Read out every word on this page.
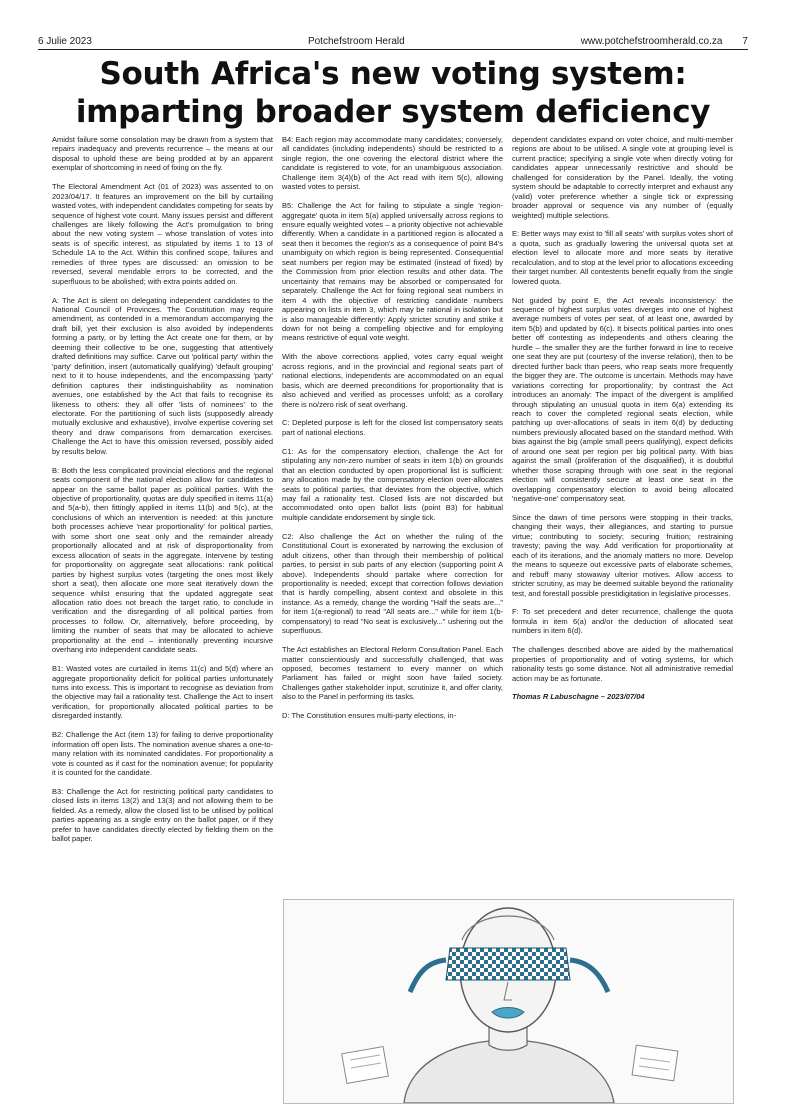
6 Julie 2023	Potchefstroom Herald	www.potchefstroomherald.co.za 7
South Africa's new voting system: imparting broader system deficiency

Amidst failure some consolation may be drawn from a system that repairs inadequacy and prevents recurrence – the means at our disposal to uphold these are being prodded at by an apparent exemplar of shortcoming in need of fixing on the fly.

The Electoral Amendment Act (01 of 2023) was assented to on 2023/04/17. It features an improvement on the bill by curtailing wasted votes, with independent candidates competing for seats by sequence of highest vote count. Many issues persist and different challenges are likely following the Act's promulgation to bring about the new voting system – whose translation of votes into seats is of specific interest, as stipulated by items 1 to 13 of Schedule 1A to the Act. Within this confined scope, failures and remedies of three types are discussed: an omission to be reversed, several mendable errors to be corrected, and the superfluous to be abolished; with extra points added on.

A: The Act is silent on delegating independent candidates to the National Council of Provinces. The Constitution may require amendment, as contended in a memorandum accompanying the draft bill, yet their exclusion is also avoided by independents forming a party, or by letting the Act create one for them, or by deeming their collective to be one, suggesting that attentively drafted definitions may suffice. Carve out 'political party' within the 'party' definition, insert (automatically qualifying) 'default grouping' next to it to house independents, and the encompassing 'party' definition captures their indistinguishability as nomination avenues, one established by the Act that fails to recognise its likeness to others: they all offer 'lists of nominees' to the electorate. For the partitioning of such lists (supposedly already mutually exclusive and exhaustive), involve expertise covering set theory and draw comparisons from demarcation exercises. Challenge the Act to have this omission reversed, possibly aided by results below.

B: Both the less complicated provincial elections and the regional seats component of the national election allow for candidates to appear on the same ballot paper as political parties. With the objective of proportionality, quotas are duly specified in items 11(a) and 5(a-b), then fittingly applied in items 11(b) and 5(c), at the conclusions of which an intervention is needed: at this juncture both processes achieve 'near proportionality' for political parties, with some short one seat only and the remainder already proportionally allocated and at risk of disproportionality from excess allocation of seats in the aggregate. Intervene by testing for proportionality on aggregate seat allocations: rank political parties by highest surplus votes (targeting the ones most likely short a seat), then allocate one more seat iteratively down the sequence whilst ensuring that the updated aggregate seat allocation ratio does not breach the target ratio, to conclude in verification and the disregarding of all political parties from processes to follow. Or, alternatively, before proceeding, by limiting the number of seats that may be allocated to achieve proportionality at the end – intentionally preventing incursive overhang into independent candidate seats.

B1: Wasted votes are curtailed in items 11(c) and 5(d) where an aggregate proportionality deficit for political parties unfortunately turns into excess. This is important to recognise as deviation from the objective may fail a rationality test. Challenge the Act to insert verification, for proportionally allocated political parties to be disregarded instantly.

B2: Challenge the Act (item 13) for failing to derive proportionality information off open lists. The nomination avenue shares a one-to-many relation with its nominated candidates. For proportionality a vote is counted as if cast for the nomination avenue; for popularity it is counted for the candidate.

B3: Challenge the Act for restricting political party candidates to closed lists in items 13(2) and 13(3) and not allowing them to be fielded. As a remedy, allow the closed list to be utilised by political parties appearing as a single entry on the ballot paper, or if they prefer to have candidates directly elected by fielding them on the ballot paper.

B4: Each region may accommodate many candidates; conversely, all candidates (including independents) should be restricted to a single region, the one covering the electoral district where the candidate is registered to vote, for an unambiguous association. Challenge item 3(4)(b) of the Act read with item 5(c), allowing wasted votes to persist.

B5: Challenge the Act for failing to stipulate a single 'region-aggregate' quota in item 5(a) applied universally across regions to ensure equally weighted votes – a priority objective not achievable differently. When a candidate in a partitioned region is allocated a seat then it becomes the region's as a consequence of point B4's unambiguity on which region is being represented. Consequential seat numbers per region may be estimated (instead of fixed) by the Commission from prior election results and other data. The uncertainty that remains may be absorbed or compensated for separately. Challenge the Act for fixing regional seat numbers in item 4 with the objective of restricting candidate numbers appearing on lists in item 3, which may be rational in isolation but is also manageable differently: Apply stricter scrutiny and strike it down for not being a compelling objective and for employing means restrictive of equal vote weight.

With the above corrections applied, votes carry equal weight across regions, and in the provincial and regional seats part of national elections, independents are accommodated on an equal basis, which are deemed preconditions for proportionality that is also achieved and verified as processes unfold; as a corollary there is no/zero risk of seat overhang.

C: Depleted purpose is left for the closed list compensatory seats part of national elections.

C1: As for the compensatory election, challenge the Act for stipulating any non-zero number of seats in item 1(b) on grounds that an election conducted by open proportional list is sufficient: any allocation made by the compensatory election over-allocates seats to political parties, that deviates from the objective, which may fail a rationality test. Closed lists are not discarded but accommodated onto open ballot lists (point B3) for habitual multiple candidate endorsement by single tick.

C2: Also challenge the Act on whether the ruling of the Constitutional Court is exonerated by narrowing the exclusion of adult citizens, other than through their membership of political parties, to persist in sub parts of any election (supporting point A above). Independents should partake where correction for proportionality is needed; except that correction follows deviation that is hardly compelling, absent context and obsolete in this instance. As a remedy, change the wording "Half the seats are..." for item 1(a-regional) to read "All seats are..." while for item 1(b-compensatory) to read "No seat is exclusively..." ushering out the superfluous.

The Act establishes an Electoral Reform Consultation Panel. Each matter conscientiously and successfully challenged, that was opposed, becomes testament to every manner on which Parliament has failed or might soon have failed society. Challenges gather stakeholder input, scrutinize it, and offer clarity, also to the Panel in performing its tasks.

D: The Constitution ensures multi-party elections, in-

dependent candidates expand on voter choice, and multi-member regions are about to be utilised. A single vote at grouping level is current practice; specifying a single vote when directly voting for candidates appear unnecessarily restrictive and should be challenged for consideration by the Panel. Ideally, the voting system should be adaptable to correctly interpret and exhaust any (valid) voter preference whether a single tick or expressing broader approval or sequence via any number of (equally weighted) multiple selections.

E: Better ways may exist to 'fill all seats' with surplus votes short of a quota, such as gradually lowering the universal quota set at election level to allocate more and more seats by iterative recalculation, and to stop at the level prior to allocations exceeding their target number. All contestents benefit equally from the single lowered quota.

Not guided by point E, the Act reveals inconsistency: the sequence of highest surplus votes diverges into one of highest average numbers of votes per seat, of at least one, awarded by item 5(b) and updated by 6(c). It bisects political parties into ones better off contesting as independents and others clearing the hurdle – the smaller they are the further forward in line to receive one seat they are put (courtesy of the inverse relation), then to be directed further back than peers, who reap seats more frequently the bigger they are. The outcome is uncertain. Methods may have variations correcting for proportionality; by contrast the Act introduces an anomaly: The impact of the divergent is amplified through stipulating an unusual quota in item 6(a) extending its reach to cover the completed regional seats election, while patching up over-allocations of seats in item 6(d) by deducting numbers previously allocated based on the standard method. With bias against the big (ample small peers qualifying), expect deficits of around one seat per region per big political party. With bias against the small (proliferation of the disqualified), it is doubtful whether those scraping through with one seat in the regional election will consistently secure at least one seat in the overlapping compensatory election to avoid being allocated 'negative-one' compensatory seat.

Since the dawn of time persons were stopping in their tracks, changing their ways, their allegiances, and starting to pursue virtue; contributing to society; securing fruition; restraining travesty; paving the way. Add verification for proportionality at each of its iterations, and the anomaly matters no more. Develop the means to squeeze out excessive parts of elaborate schemes, and rebuff many stowaway ulterior motives. Allow access to stricter scrutiny, as may be deemed suitable beyond the rationality test, and forestall possible prestidigitation in legislative processes.

F: To set precedent and deter recurrence, challenge the quota formula in item 6(a) and/or the deduction of allocated seat numbers in item 6(d).

The challenges described above are aided by the mathematical properties of proportionality and of voting systems, for which rationality tests go some distance. Not all administrative remedial action may be as fortunate.

Thomas R Labuschagne – 2023/07/04
